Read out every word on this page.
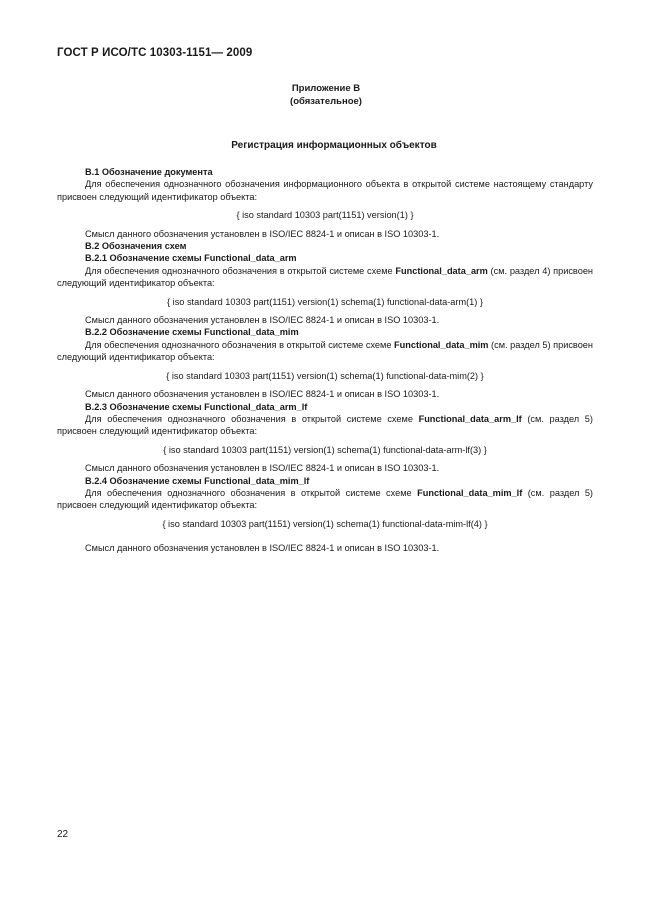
ГОСТ Р ИСО/ТС 10303-1151— 2009
Приложение В
(обязательное)
Регистрация информационных объектов
В.1 Обозначение документа

Для обеспечения однозначного обозначения информационного объекта в открытой системе настоящему стандарту присвоен следующий идентификатор объекта:

{ iso standard 10303 part(1151) version(1) }

Смысл данного обозначения установлен в ISO/IEC 8824-1 и описан в ISO 10303-1.

В.2 Обозначения схем
В.2.1 Обозначение схемы Functional_data_arm

Для обеспечения однозначного обозначения в открытой системе схеме Functional_data_arm (см. раздел 4) присвоен следующий идентификатор объекта:

{ iso standard 10303 part(1151) version(1) schema(1) functional-data-arm(1) }

Смысл данного обозначения установлен в ISO/IEC 8824-1 и описан в ISO 10303-1.

В.2.2 Обозначение схемы Functional_data_mim

Для обеспечения однозначного обозначения в открытой системе схеме Functional_data_mim (см. раздел 5) присвоен следующий идентификатор объекта:

{ iso standard 10303 part(1151) version(1) schema(1) functional-data-mim(2) }

Смысл данного обозначения установлен в ISO/IEC 8824-1 и описан в ISO 10303-1.

В.2.3 Обозначение схемы Functional_data_arm_lf

Для обеспечения однозначного обозначения в открытой системе схеме Functional_data_arm_lf (см. раздел 5) присвоен следующий идентификатор объекта:

{ iso standard 10303 part(1151) version(1) schema(1) functional-data-arm-lf(3) }

Смысл данного обозначения установлен в ISO/IEC 8824-1 и описан в ISO 10303-1.

В.2.4 Обозначение схемы Functional_data_mim_lf

Для обеспечения однозначного обозначения в открытой системе схеме Functional_data_mim_lf (см. раздел 5) присвоен следующий идентификатор объекта:

{ iso standard 10303 part(1151) version(1) schema(1) functional-data-mim-lf(4) }

Смысл данного обозначения установлен в ISO/IEC 8824-1 и описан в ISO 10303-1.

22
